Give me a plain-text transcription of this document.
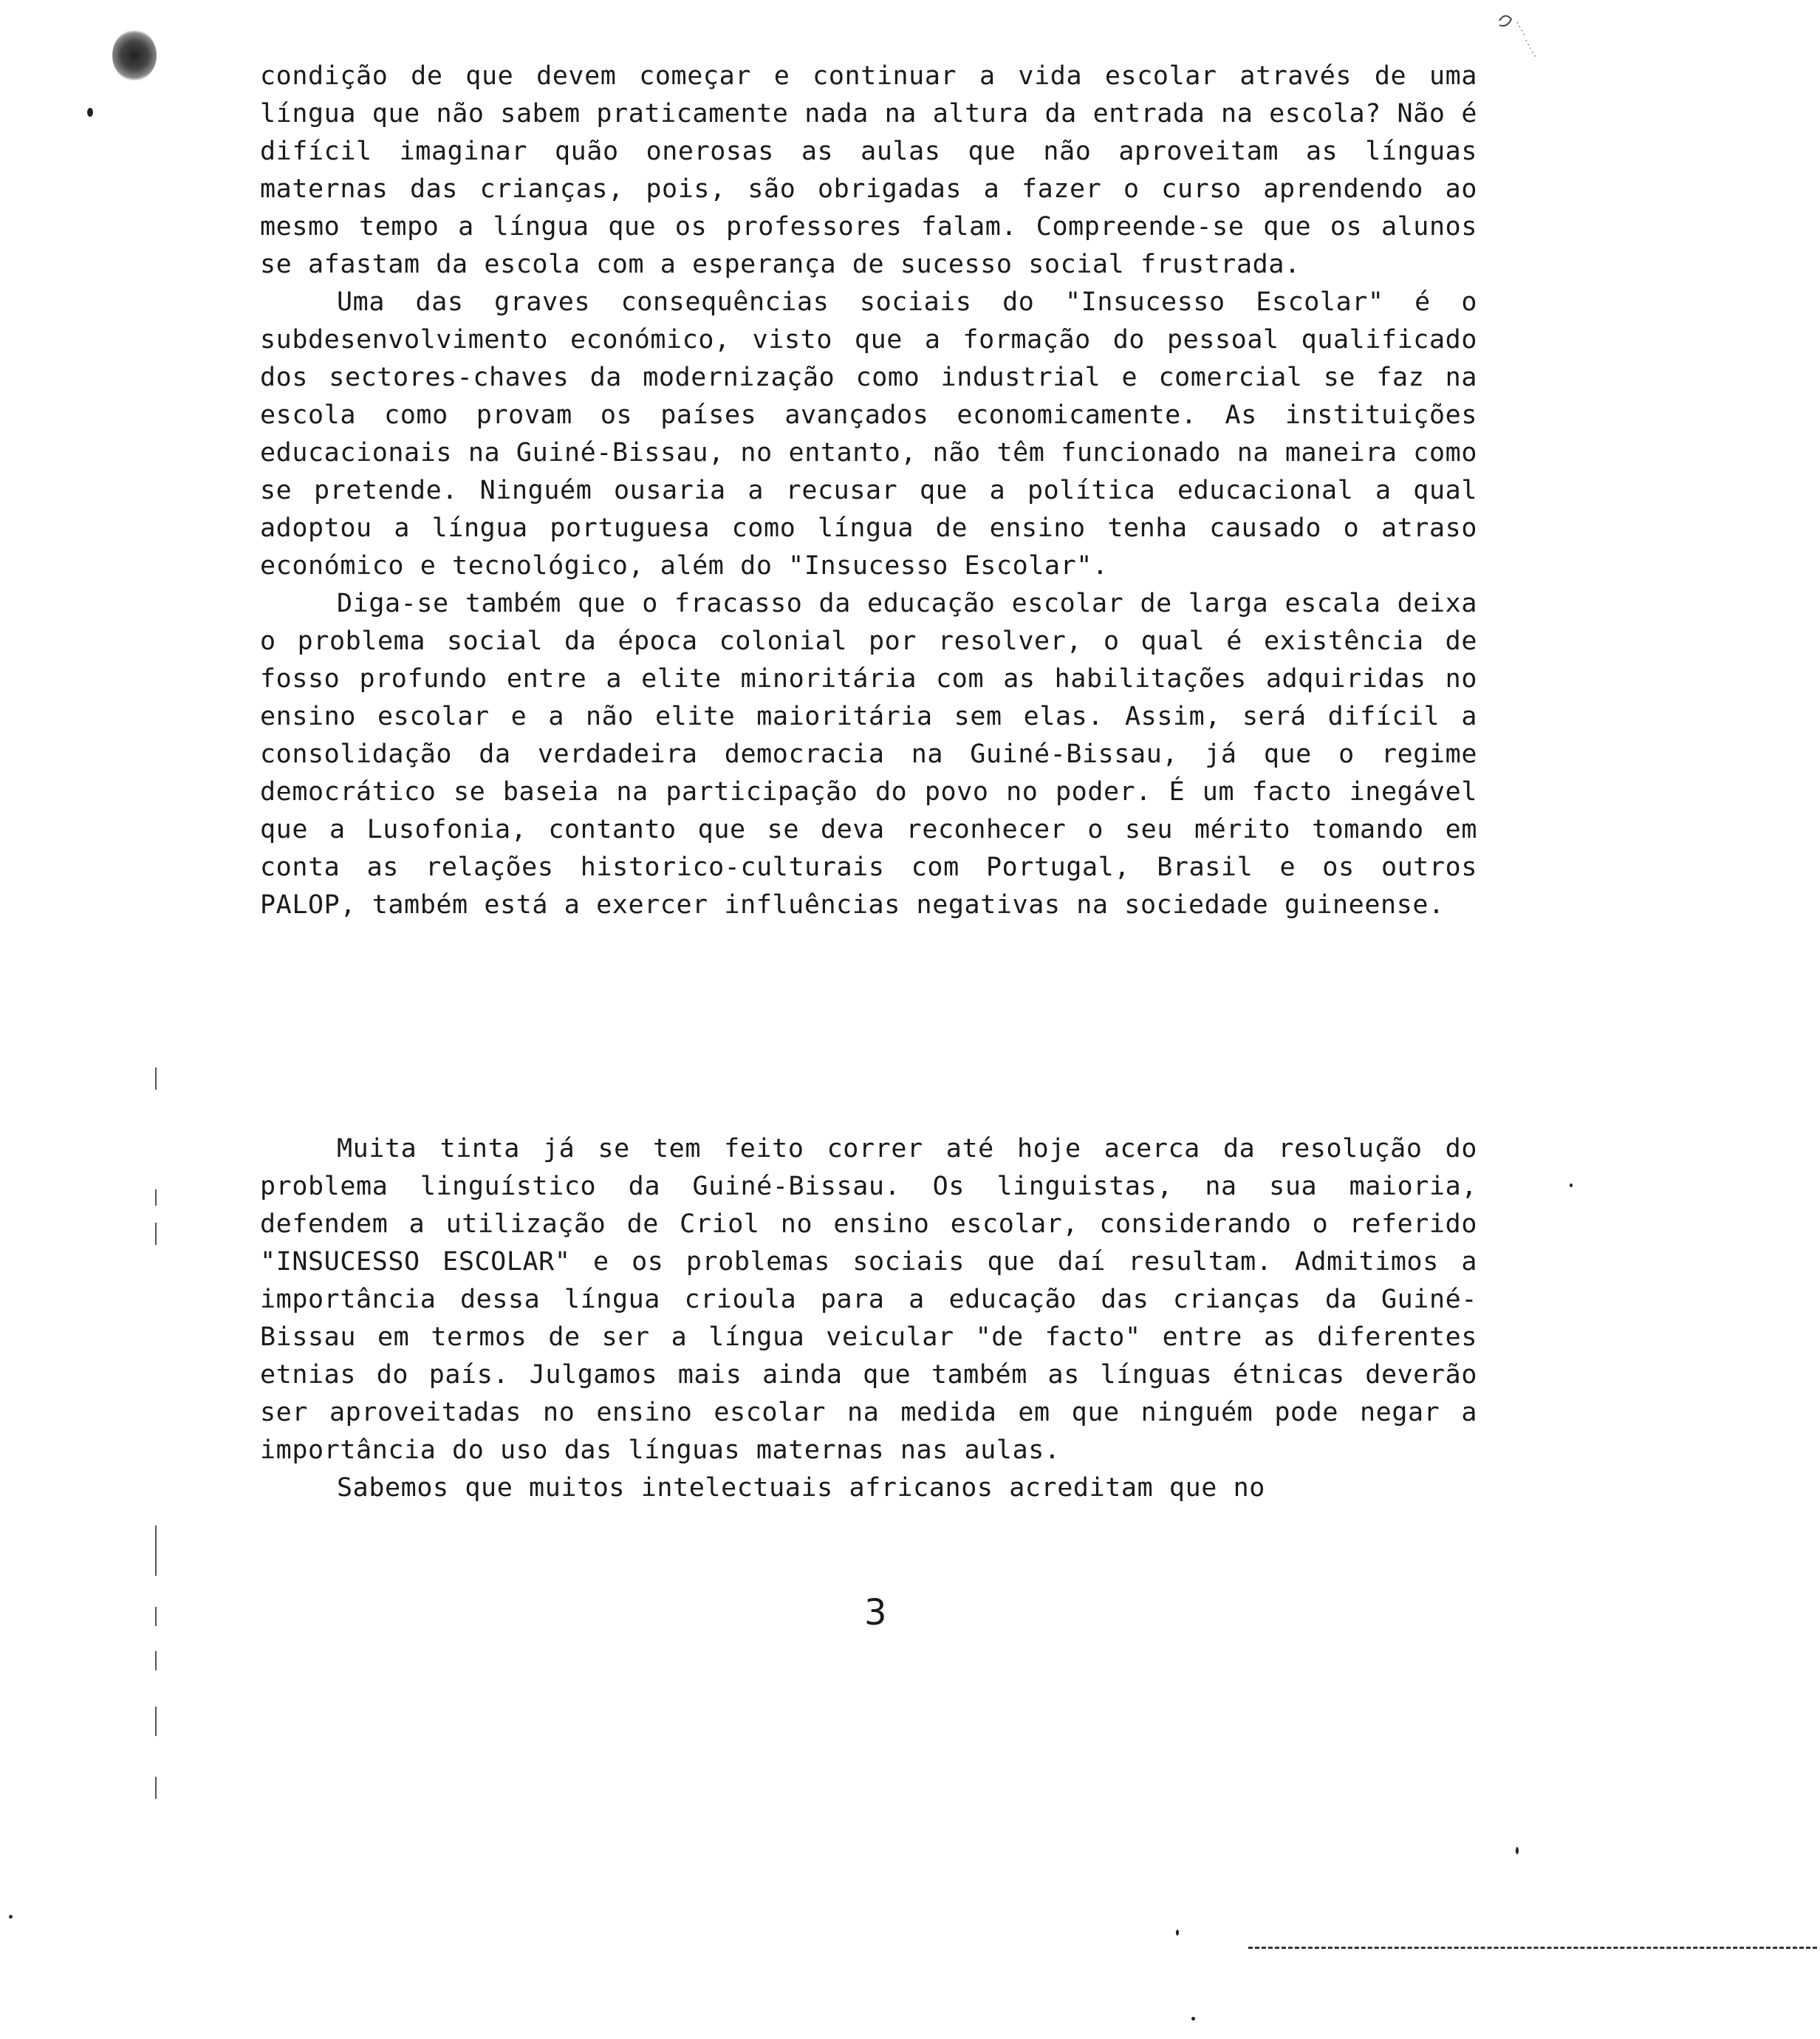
condição de que devem começar e continuar a vida escolar através de uma língua que não sabem praticamente nada na altura da entrada na escola? Não é difícil imaginar quão onerosas as aulas que não aproveitam as línguas maternas das crianças, pois, são obrigadas a fazer o curso aprendendo ao mesmo tempo a língua que os professores falam. Compreende-se que os alunos se afastam da escola com a esperança de sucesso social frustrada.

Uma das graves consequências sociais do "Insucesso Escolar" é o subdesenvolvimento económico, visto que a formação do pessoal qualificado dos sectores-chaves da modernização como industrial e comercial se faz na escola como provam os países avançados economicamente. As instituições educacionais na Guiné-Bissau, no entanto, não têm funcionado na maneira como se pretende. Ninguém ousaria a recusar que a política educacional a qual adoptou a língua portuguesa como língua de ensino tenha causado o atraso económico e tecnológico, além do "Insucesso Escolar".

Diga-se também que o fracasso da educação escolar de larga escala deixa o problema social da época colonial por resolver, o qual é existência de fosso profundo entre a elite minoritária com as habilitações adquiridas no ensino escolar e a não elite maioritária sem elas. Assim, será difícil a consolidação da verdadeira democracia na Guiné-Bissau, já que o regime democrático se baseia na participação do povo no poder. É um facto inegável que a Lusofonia, contanto que se deva reconhecer o seu mérito tomando em conta as relações historico-culturais com Portugal, Brasil e os outros PALOP, também está a exercer influências negativas na sociedade guineense.

Muita tinta já se tem feito correr até hoje acerca da resolução do problema linguístico da Guiné-Bissau. Os linguistas, na sua maioria, defendem a utilização de Criol no ensino escolar, considerando o referido "INSUCESSO ESCOLAR" e os problemas sociais que daí resultam. Admitimos a importância dessa língua crioula para a educação das crianças da Guiné-Bissau em termos de ser a língua veicular "de facto" entre as diferentes etnias do país. Julgamos mais ainda que também as línguas étnicas deverão ser aproveitadas no ensino escolar na medida em que ninguém pode negar a importância do uso das línguas maternas nas aulas.

Sabemos que muitos intelectuais africanos acreditam que no

3
